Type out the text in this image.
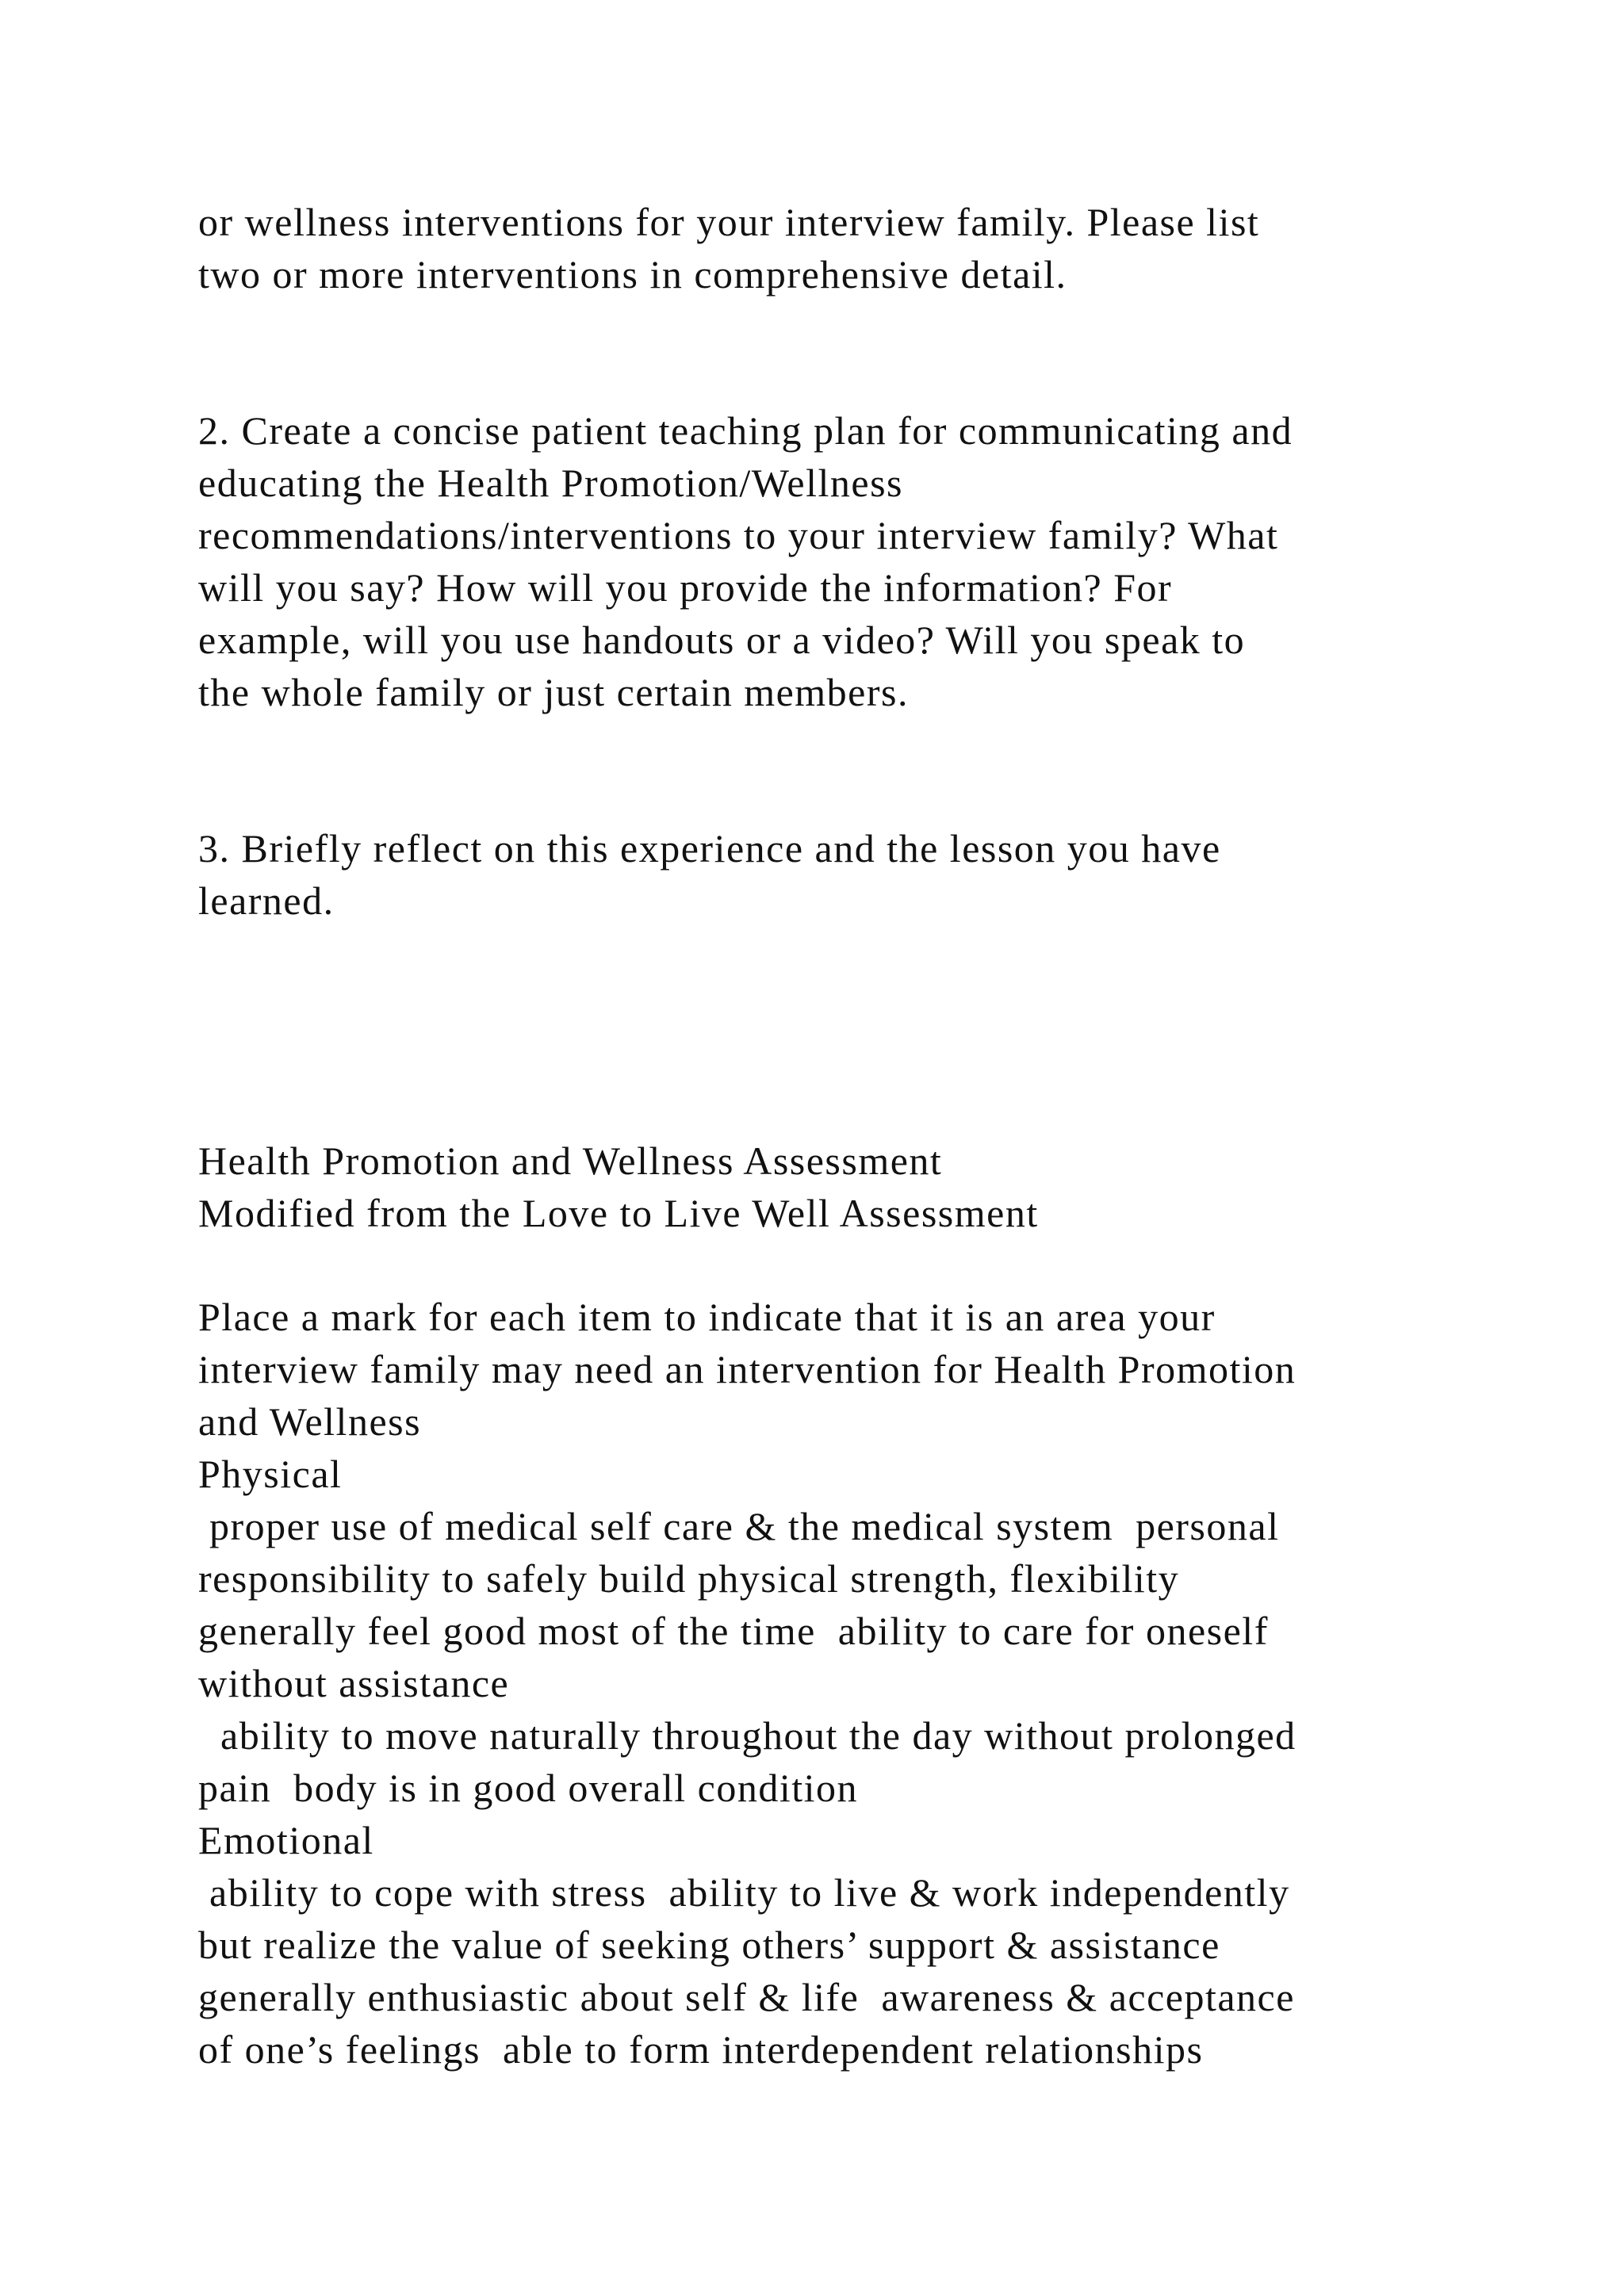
or wellness interventions for your interview family. Please list
two or more interventions in comprehensive detail.
2. Create a concise patient teaching plan for communicating and
educating the Health Promotion/Wellness
recommendations/interventions to your interview family? What
will you say? How will you provide the information? For
example, will you use handouts or a video? Will you speak to
the whole family or just certain members.
3. Briefly reflect on this experience and the lesson you have
learned.
Health Promotion and Wellness Assessment
Modified from the Love to Live Well Assessment
Place a mark for each item to indicate that it is an area your
interview family may need an intervention for Health Promotion
and Wellness
Physical
proper use of medical self care & the medical system  personal
responsibility to safely build physical strength, flexibility
generally feel good most of the time  ability to care for oneself
without assistance
ability to move naturally throughout the day without prolonged
pain  body is in good overall condition
Emotional
ability to cope with stress  ability to live & work independently
but realize the value of seeking others’ support & assistance
generally enthusiastic about self & life  awareness & acceptance
of one’s feelings  able to form interdependent relationships
